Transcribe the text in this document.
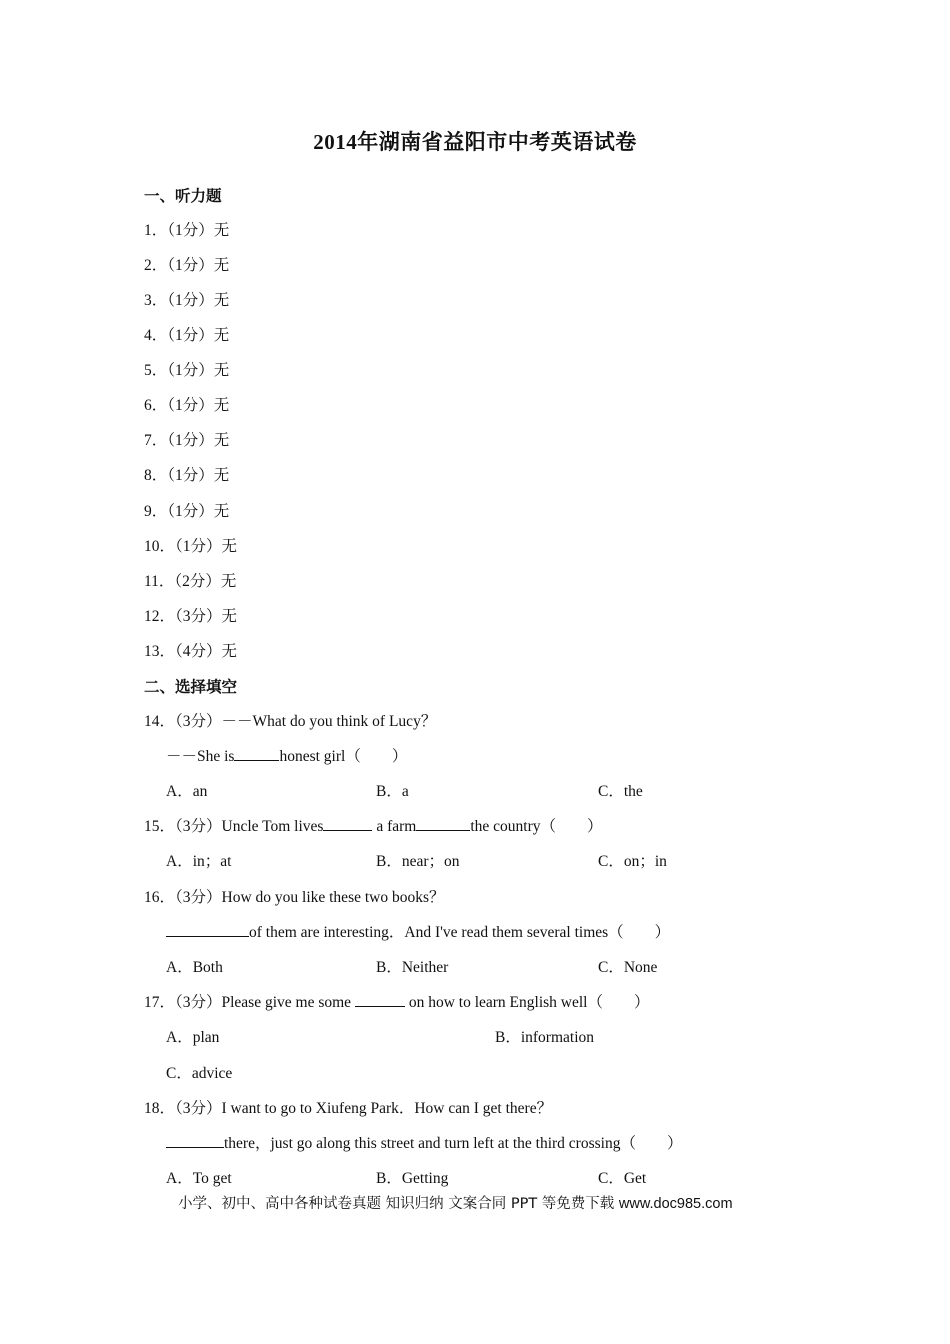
2014年湖南省益阳市中考英语试卷
一、听力题
1．（1分）无
2．（1分）无
3．（1分）无
4．（1分）无
5．（1分）无
6．（1分）无
7．（1分）无
8．（1分）无
9．（1分）无
10．（1分）无
11．（2分）无
12．（3分）无
13．（4分）无
二、选择填空
14．（3分）－－What do you think of Lucy？
－－She is	honest girl（　　）
A．an	B．a	C．the
15．（3分）Uncle Tom lives	a farm	the country（　　）
A．in；at	B．near；on	C．on；in
16．（3分）How do you like these two books？
of them are interesting．And I've read them several times（　　）
A．Both	B．Neither	C．None
17．（3分）Please give me some	on how to learn English well（　　）
A．plan	B．information
C．advice
18．（3分）I want to go to Xiufeng Park．How can I get there？
there，just go along this street and turn left at the third crossing（　　）
A．To get	B．Getting	C．Get
小学、初中、高中各种试卷真题 知识归纳 文案合同 PPT 等免费下载 www.doc985.com
